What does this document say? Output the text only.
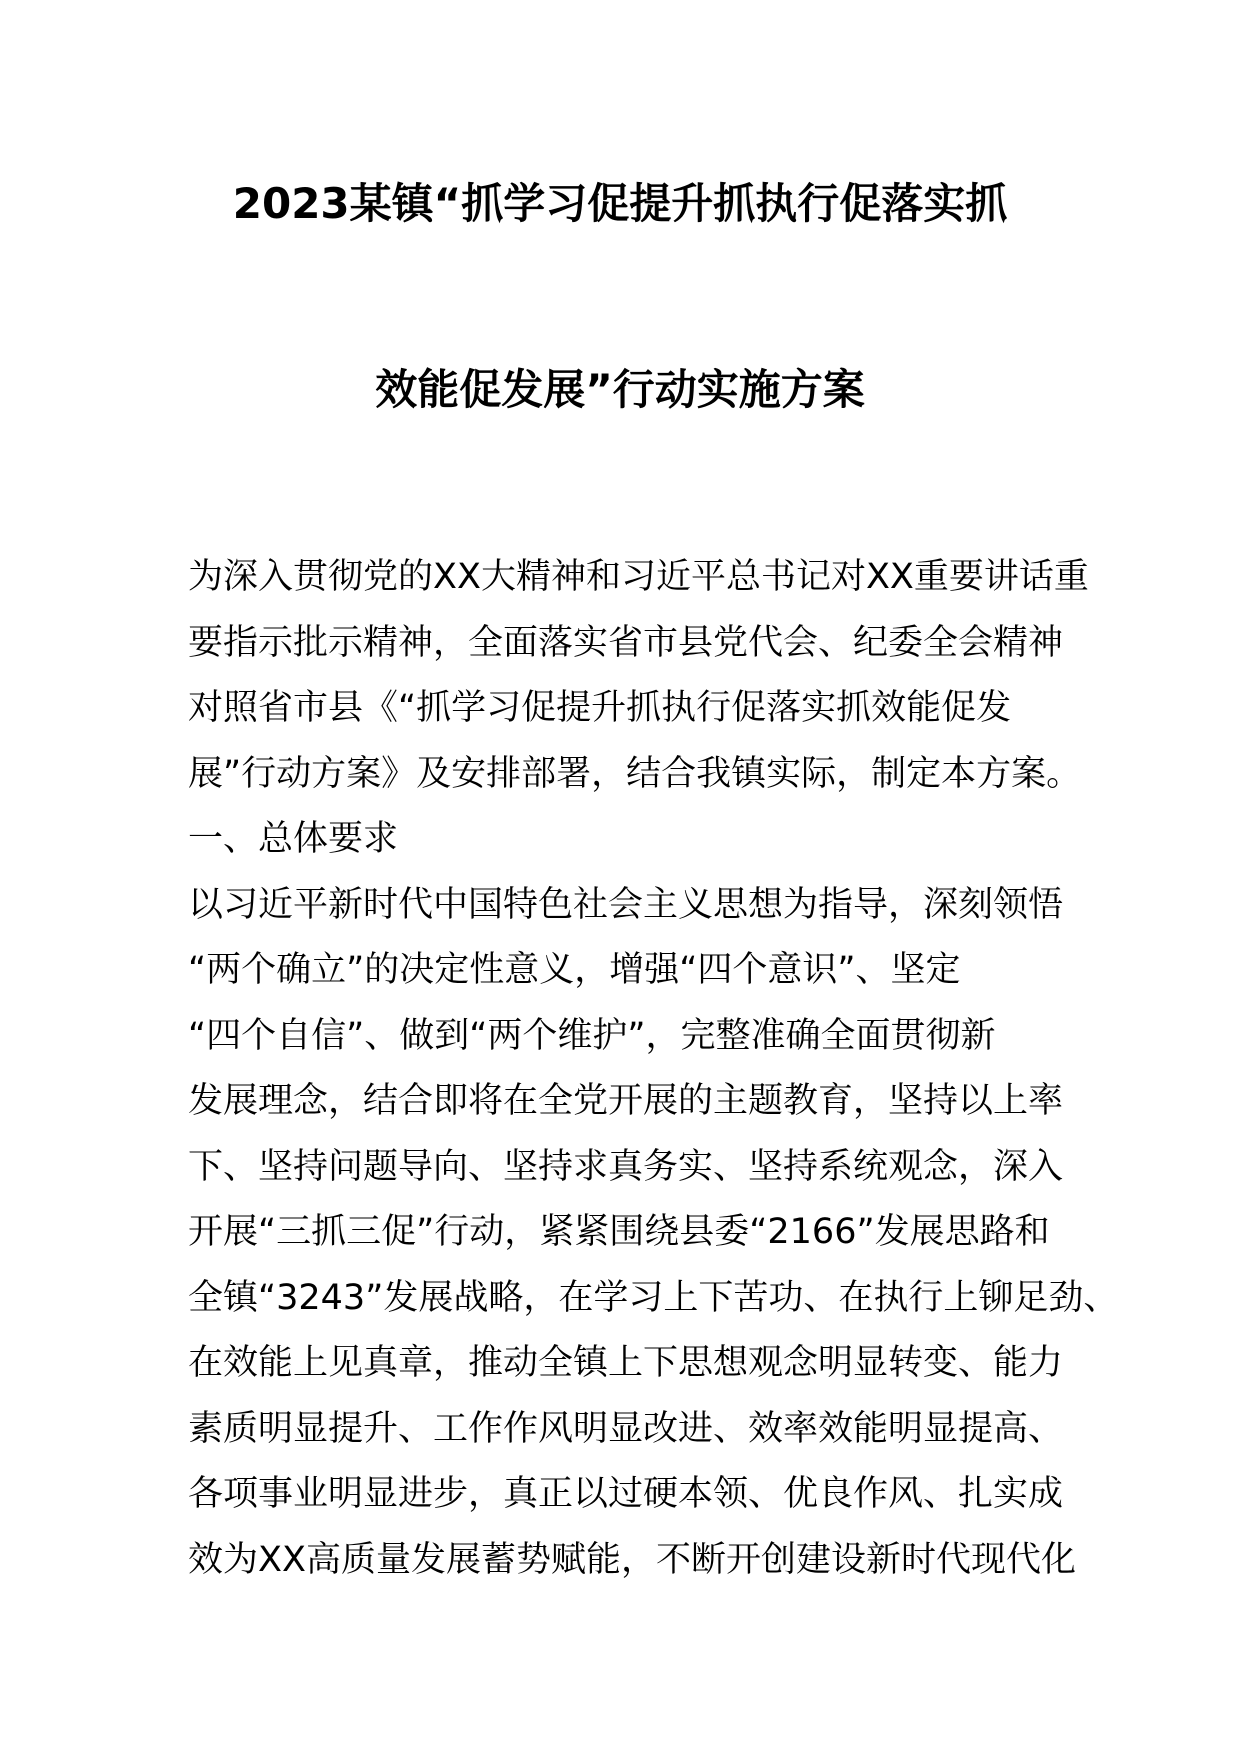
2023某镇“抓学习促提升抓执行促落实抓
效能促发展”行动实施方案
为深入贯彻党的XX大精神和习近平总书记对XX重要讲话重
要指示批示精神，全面落实省市县党代会、纪委全会精神
对照省市县《“抓学习促提升抓执行促落实抓效能促发
展”行动方案》及安排部署，结合我镇实际，制定本方案。
一、总体要求
以习近平新时代中国特色社会主义思想为指导，深刻领悟
“两个确立”的决定性意义，增强“四个意识”、坚定
“四个自信”、做到“两个维护”，完整准确全面贯彻新
发展理念，结合即将在全党开展的主题教育，坚持以上率
下、坚持问题导向、坚持求真务实、坚持系统观念，深入
开展“三抓三促”行动，紧紧围绕县委“2166”发展思路和
全镇“3243”发展战略，在学习上下苦功、在执行上铆足劲、
在效能上见真章，推动全镇上下思想观念明显转变、能力
素质明显提升、工作作风明显改进、效率效能明显提高、
各项事业明显进步，真正以过硬本领、优良作风、扎实成
效为XX高质量发展蓄势赋能，不断开创建设新时代现代化
